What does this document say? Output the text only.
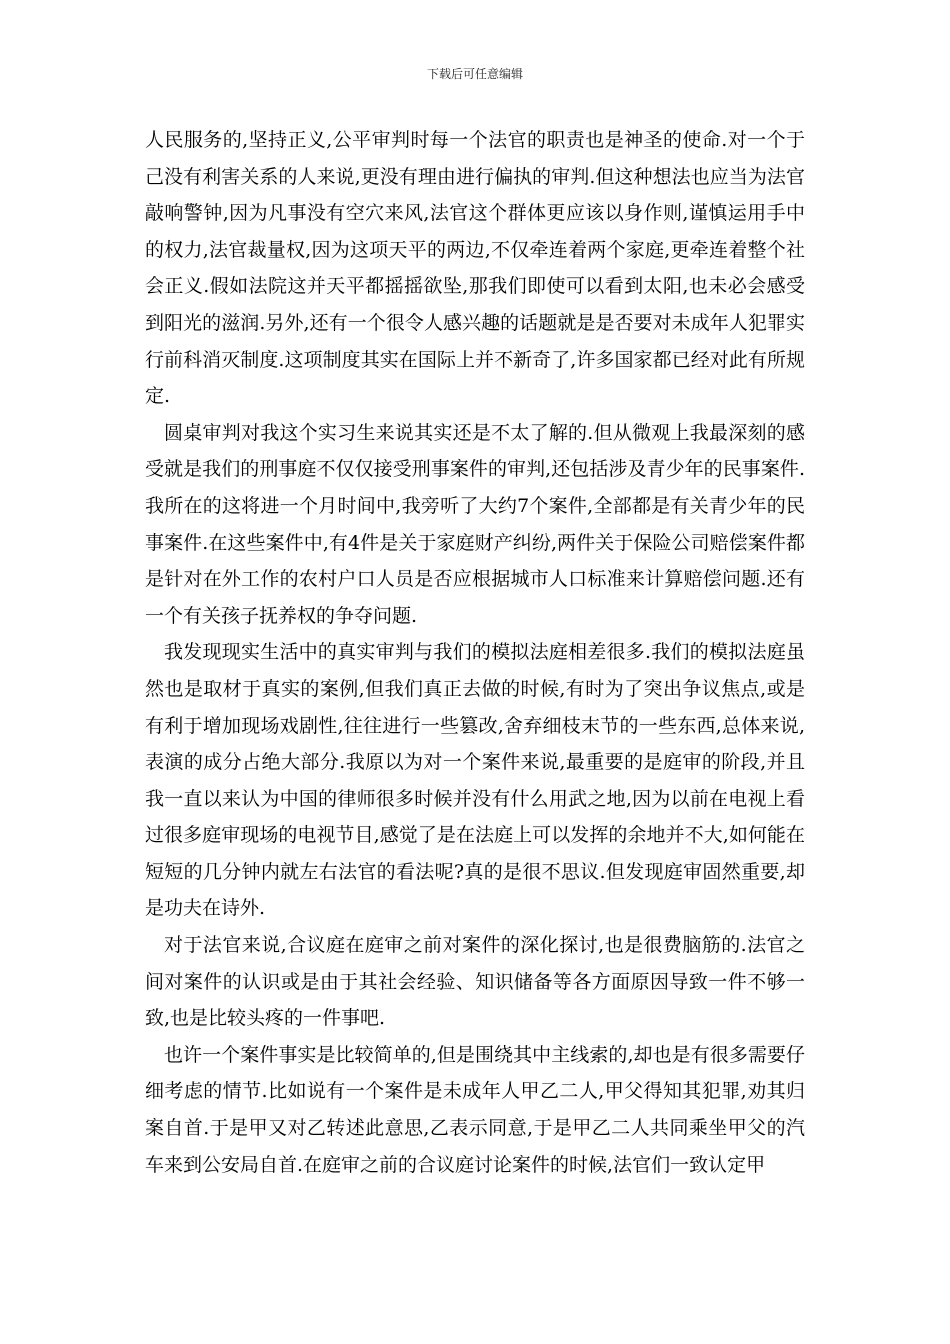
下载后可任意编辑

人民服务的,坚持正义,公平审判时每一个法官的职责也是神圣的使命.对一个于己没有利害关系的人来说,更没有理由进行偏执的审判.但这种想法也应当为法官敲响警钟,因为凡事没有空穴来风,法官这个群体更应该以身作则,谨慎运用手中的权力,法官裁量权,因为这项天平的两边,不仅牵连着两个家庭,更牵连着整个社会正义.假如法院这并天平都摇摇欲坠,那我们即使可以看到太阳,也未必会感受到阳光的滋润.另外,还有一个很令人感兴趣的话题就是是否要对未成年人犯罪实行前科消灭制度.这项制度其实在国际上并不新奇了,许多国家都已经对此有所规定.

圆桌审判对我这个实习生来说其实还是不太了解的.但从微观上我最深刻的感受就是我们的刑事庭不仅仅接受刑事案件的审判,还包括涉及青少年的民事案件.我所在的这将进一个月时间中,我旁听了大约7个案件,全部都是有关青少年的民事案件.在这些案件中,有4件是关于家庭财产纠纷,两件关于保险公司赔偿案件都是针对在外工作的农村户口人员是否应根据城市人口标准来计算赔偿问题.还有一个有关孩子抚养权的争夺问题.

我发现现实生活中的真实审判与我们的模拟法庭相差很多.我们的模拟法庭虽然也是取材于真实的案例,但我们真正去做的时候,有时为了突出争议焦点,或是有利于增加现场戏剧性,往往进行一些篡改,舍弃细枝末节的一些东西,总体来说,表演的成分占绝大部分.我原以为对一个案件来说,最重要的是庭审的阶段,并且我一直以来认为中国的律师很多时候并没有什么用武之地,因为以前在电视上看过很多庭审现场的电视节目,感觉了是在法庭上可以发挥的余地并不大,如何能在短短的几分钟内就左右法官的看法呢?真的是很不思议.但发现庭审固然重要,却是功夫在诗外.

对于法官来说,合议庭在庭审之前对案件的深化探讨,也是很费脑筋的.法官之间对案件的认识或是由于其社会经验、知识储备等各方面原因导致一件不够一致,也是比较头疼的一件事吧.

也许一个案件事实是比较简单的,但是围绕其中主线索的,却也是有很多需要仔细考虑的情节.比如说有一个案件是未成年人甲乙二人,甲父得知其犯罪,劝其归案自首.于是甲又对乙转述此意思,乙表示同意,于是甲乙二人共同乘坐甲父的汽车来到公安局自首.在庭审之前的合议庭讨论案件的时候,法官们一致认定甲
